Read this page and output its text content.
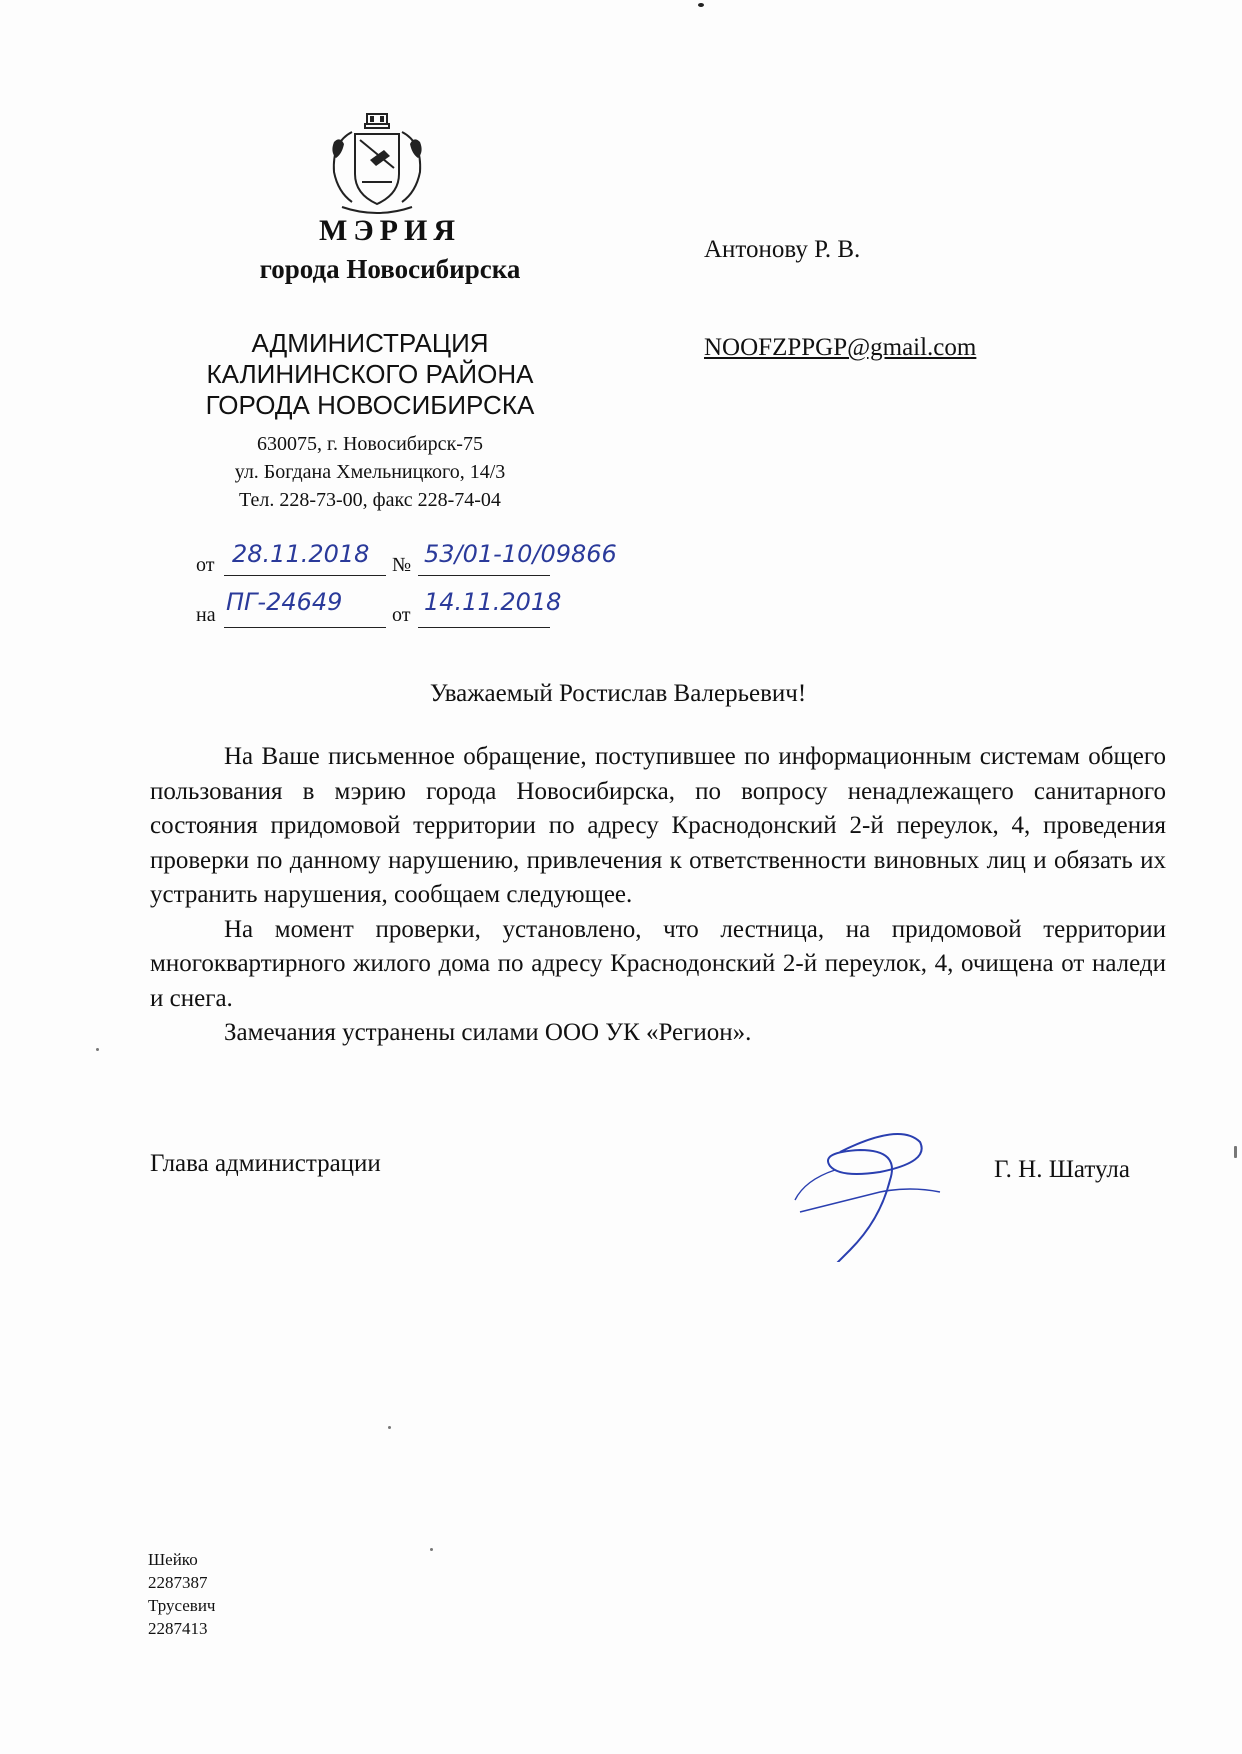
МЭРИЯ
города Новосибирска
АДМИНИСТРАЦИЯ
КАЛИНИНСКОГО РАЙОНА
ГОРОДА НОВОСИБИРСКА
630075, г. Новосибирск-75
ул. Богдана Хмельницкого, 14/3
Тел. 228-73-00, факс 228-74-04
от 28.11.2018 № 53/01-10/09866
на ПГ-24649 от 14.11.2018
Антонову Р. В.
NOOFZPPGP@gmail.com
Уважаемый Ростислав Валерьевич!

На Ваше письменное обращение, поступившее по информационным системам общего пользования в мэрию города Новосибирска, по вопросу ненадлежащего санитарного состояния придомовой территории по адресу Краснодонский 2-й переулок, 4, проведения проверки по данному нарушению, привлечения к ответственности виновных лиц и обязать их устранить нарушения, сообщаем следующее.

На момент проверки, установлено, что лестница, на придомовой территории многоквартирного жилого дома по адресу Краснодонский 2-й переулок, 4, очищена от наледи и снега.

Замечания устранены силами ООО УК «Регион».

Глава администрации	Г. Н. Шатула
Шейко
2287387
Трусевич
2287413
